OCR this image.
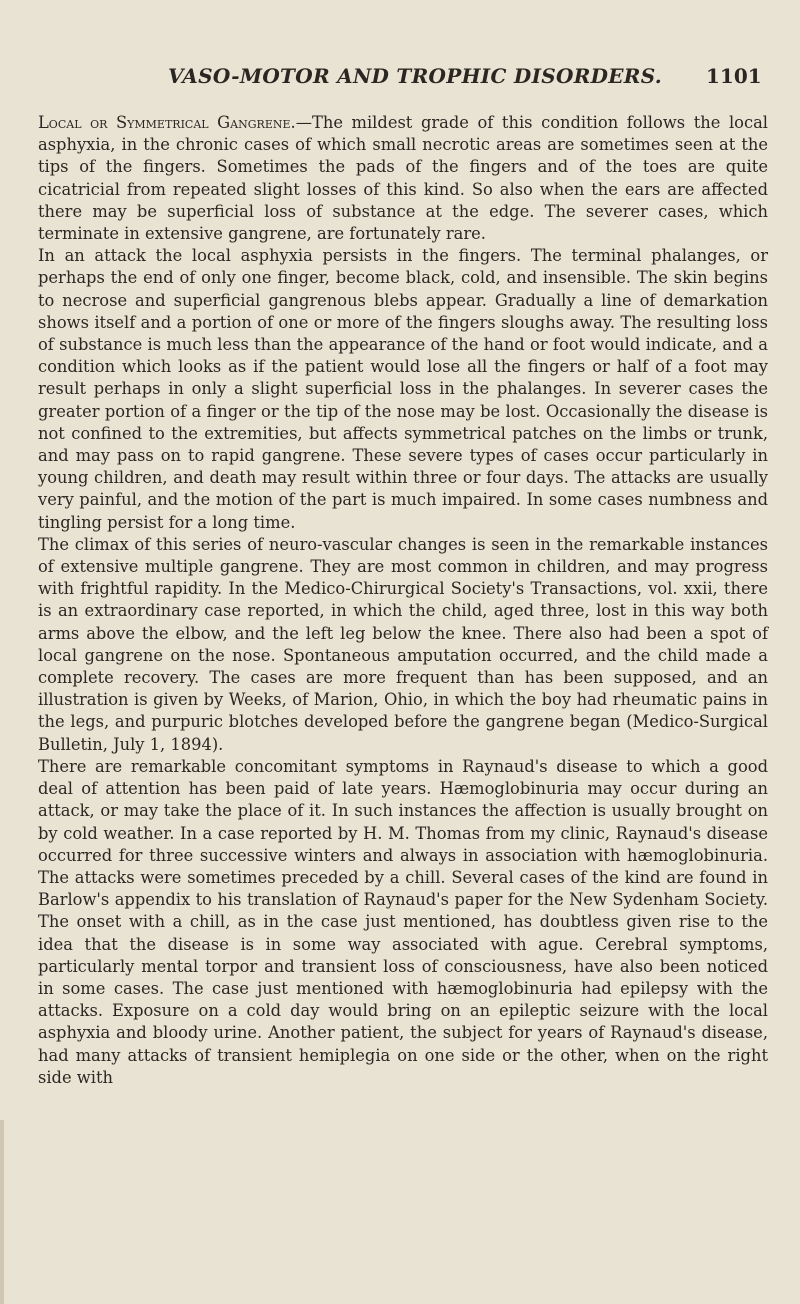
VASO-MOTOR AND TROPHIC DISORDERS. 1101

Local or Symmetrical Gangrene.—The mildest grade of this condition follows the local asphyxia, in the chronic cases of which small necrotic areas are sometimes seen at the tips of the fingers. Sometimes the pads of the fingers and of the toes are quite cicatricial from repeated slight losses of this kind. So also when the ears are affected there may be superficial loss of substance at the edge. The severer cases, which terminate in extensive gangrene, are fortunately rare.

In an attack the local asphyxia persists in the fingers. The terminal phalanges, or perhaps the end of only one finger, become black, cold, and insensible. The skin begins to necrose and superficial gangrenous blebs appear. Gradually a line of demarkation shows itself and a portion of one or more of the fingers sloughs away. The resulting loss of substance is much less than the appearance of the hand or foot would indicate, and a condition which looks as if the patient would lose all the fingers or half of a foot may result perhaps in only a slight superficial loss in the phalanges. In severer cases the greater portion of a finger or the tip of the nose may be lost. Occasionally the disease is not confined to the extremities, but affects symmetrical patches on the limbs or trunk, and may pass on to rapid gangrene. These severe types of cases occur particularly in young children, and death may result within three or four days. The attacks are usually very painful, and the motion of the part is much impaired. In some cases numbness and tingling persist for a long time.

The climax of this series of neuro-vascular changes is seen in the remarkable instances of extensive multiple gangrene. They are most common in children, and may progress with frightful rapidity. In the Medico-Chirurgical Society's Transactions, vol. xxii, there is an extraordinary case reported, in which the child, aged three, lost in this way both arms above the elbow, and the left leg below the knee. There also had been a spot of local gangrene on the nose. Spontaneous amputation occurred, and the child made a complete recovery. The cases are more frequent than has been supposed, and an illustration is given by Weeks, of Marion, Ohio, in which the boy had rheumatic pains in the legs, and purpuric blotches developed before the gangrene began (Medico-Surgical Bulletin, July 1, 1894).

There are remarkable concomitant symptoms in Raynaud's disease to which a good deal of attention has been paid of late years. Hæmoglobinuria may occur during an attack, or may take the place of it. In such instances the affection is usually brought on by cold weather. In a case reported by H. M. Thomas from my clinic, Raynaud's disease occurred for three successive winters and always in association with hæmoglobinuria. The attacks were sometimes preceded by a chill. Several cases of the kind are found in Barlow's appendix to his translation of Raynaud's paper for the New Sydenham Society. The onset with a chill, as in the case just mentioned, has doubtless given rise to the idea that the disease is in some way associated with ague. Cerebral symptoms, particularly mental torpor and transient loss of consciousness, have also been noticed in some cases. The case just mentioned with hæmoglobinuria had epilepsy with the attacks. Exposure on a cold day would bring on an epileptic seizure with the local asphyxia and bloody urine. Another patient, the subject for years of Raynaud's disease, had many attacks of transient hemiplegia on one side or the other, when on the right side with
